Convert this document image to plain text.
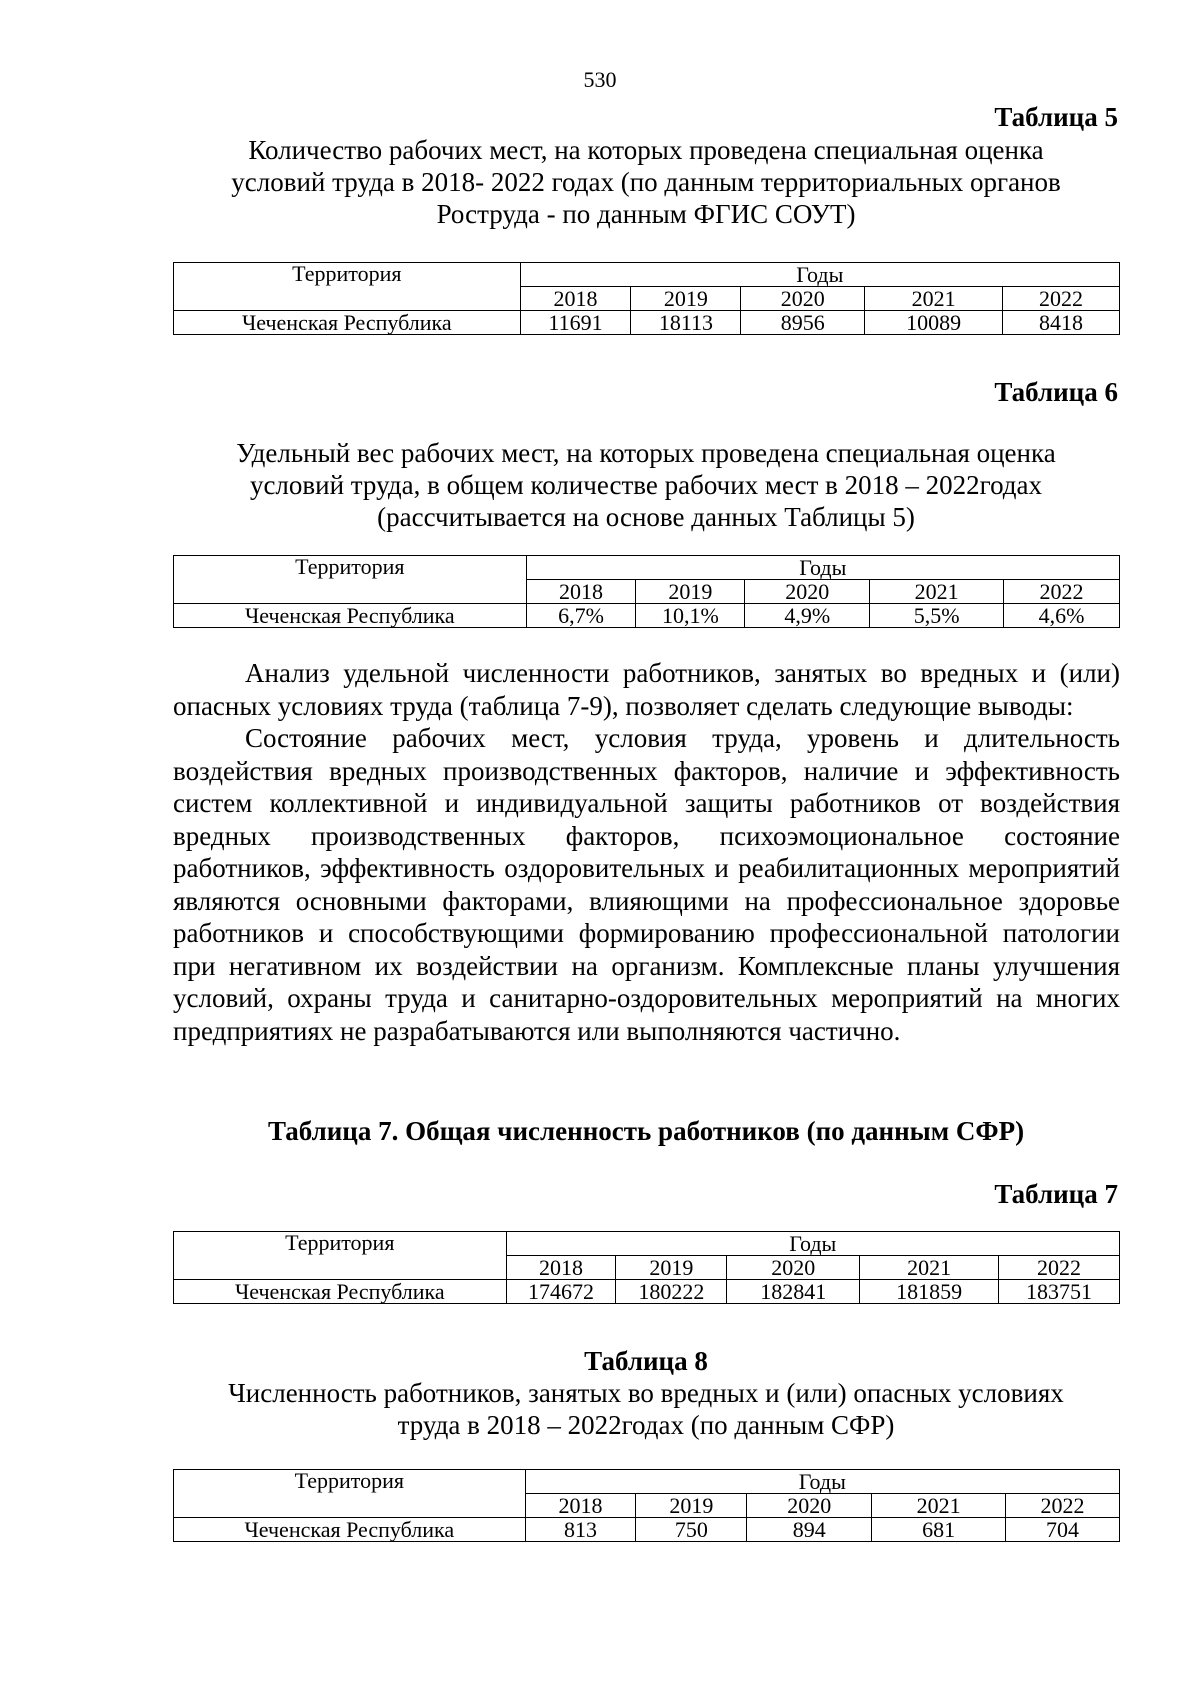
530
Таблица 5
Количество рабочих мест, на которых проведена специальная оценка
условий труда в 2018- 2022 годах (по данным территориальных органов
Роструда - по данным ФГИС СОУТ)
Территория	Годы				
	2018	2019	2020	2021	2022
Чеченская Республика	11691	18113	8956	10089	8418
Таблица 6
Удельный вес рабочих мест, на которых проведена специальная оценка
условий труда, в общем количестве рабочих мест в 2018 – 2022годах
(рассчитывается на основе данных Таблицы 5)
Территория	Годы				
	2018	2019	2020	2021	2022
Чеченская Республика	6,7%	10,1%	4,9%	5,5%	4,6%
Анализ удельной численности работников, занятых во вредных и (или) опасных условиях труда (таблица 7-9), позволяет сделать следующие выводы:
Состояние рабочих мест, условия труда, уровень и длительность воздействия вредных производственных факторов, наличие и эффективность систем коллективной и индивидуальной защиты работников от воздействия вредных производственных факторов, психоэмоциональное состояние работников, эффективность оздоровительных и реабилитационных мероприятий являются основными факторами, влияющими на профессиональное здоровье работников и способствующими формированию профессиональной патологии при негативном их воздействии на организм. Комплексные планы улучшения условий, охраны труда и санитарно-оздоровительных мероприятий на многих предприятиях не разрабатываются или выполняются частично.
Таблица 7. Общая численность работников (по данным СФР)
Таблица 7
Территория	Годы				
	2018	2019	2020	2021	2022
Чеченская Республика	174672	180222	182841	181859	183751
Таблица 8
Численность работников, занятых во вредных и (или) опасных условиях
труда в 2018 – 2022годах (по данным СФР)
Территория	Годы				
	2018	2019	2020	2021	2022
Чеченская Республика	813	750	894	681	704
